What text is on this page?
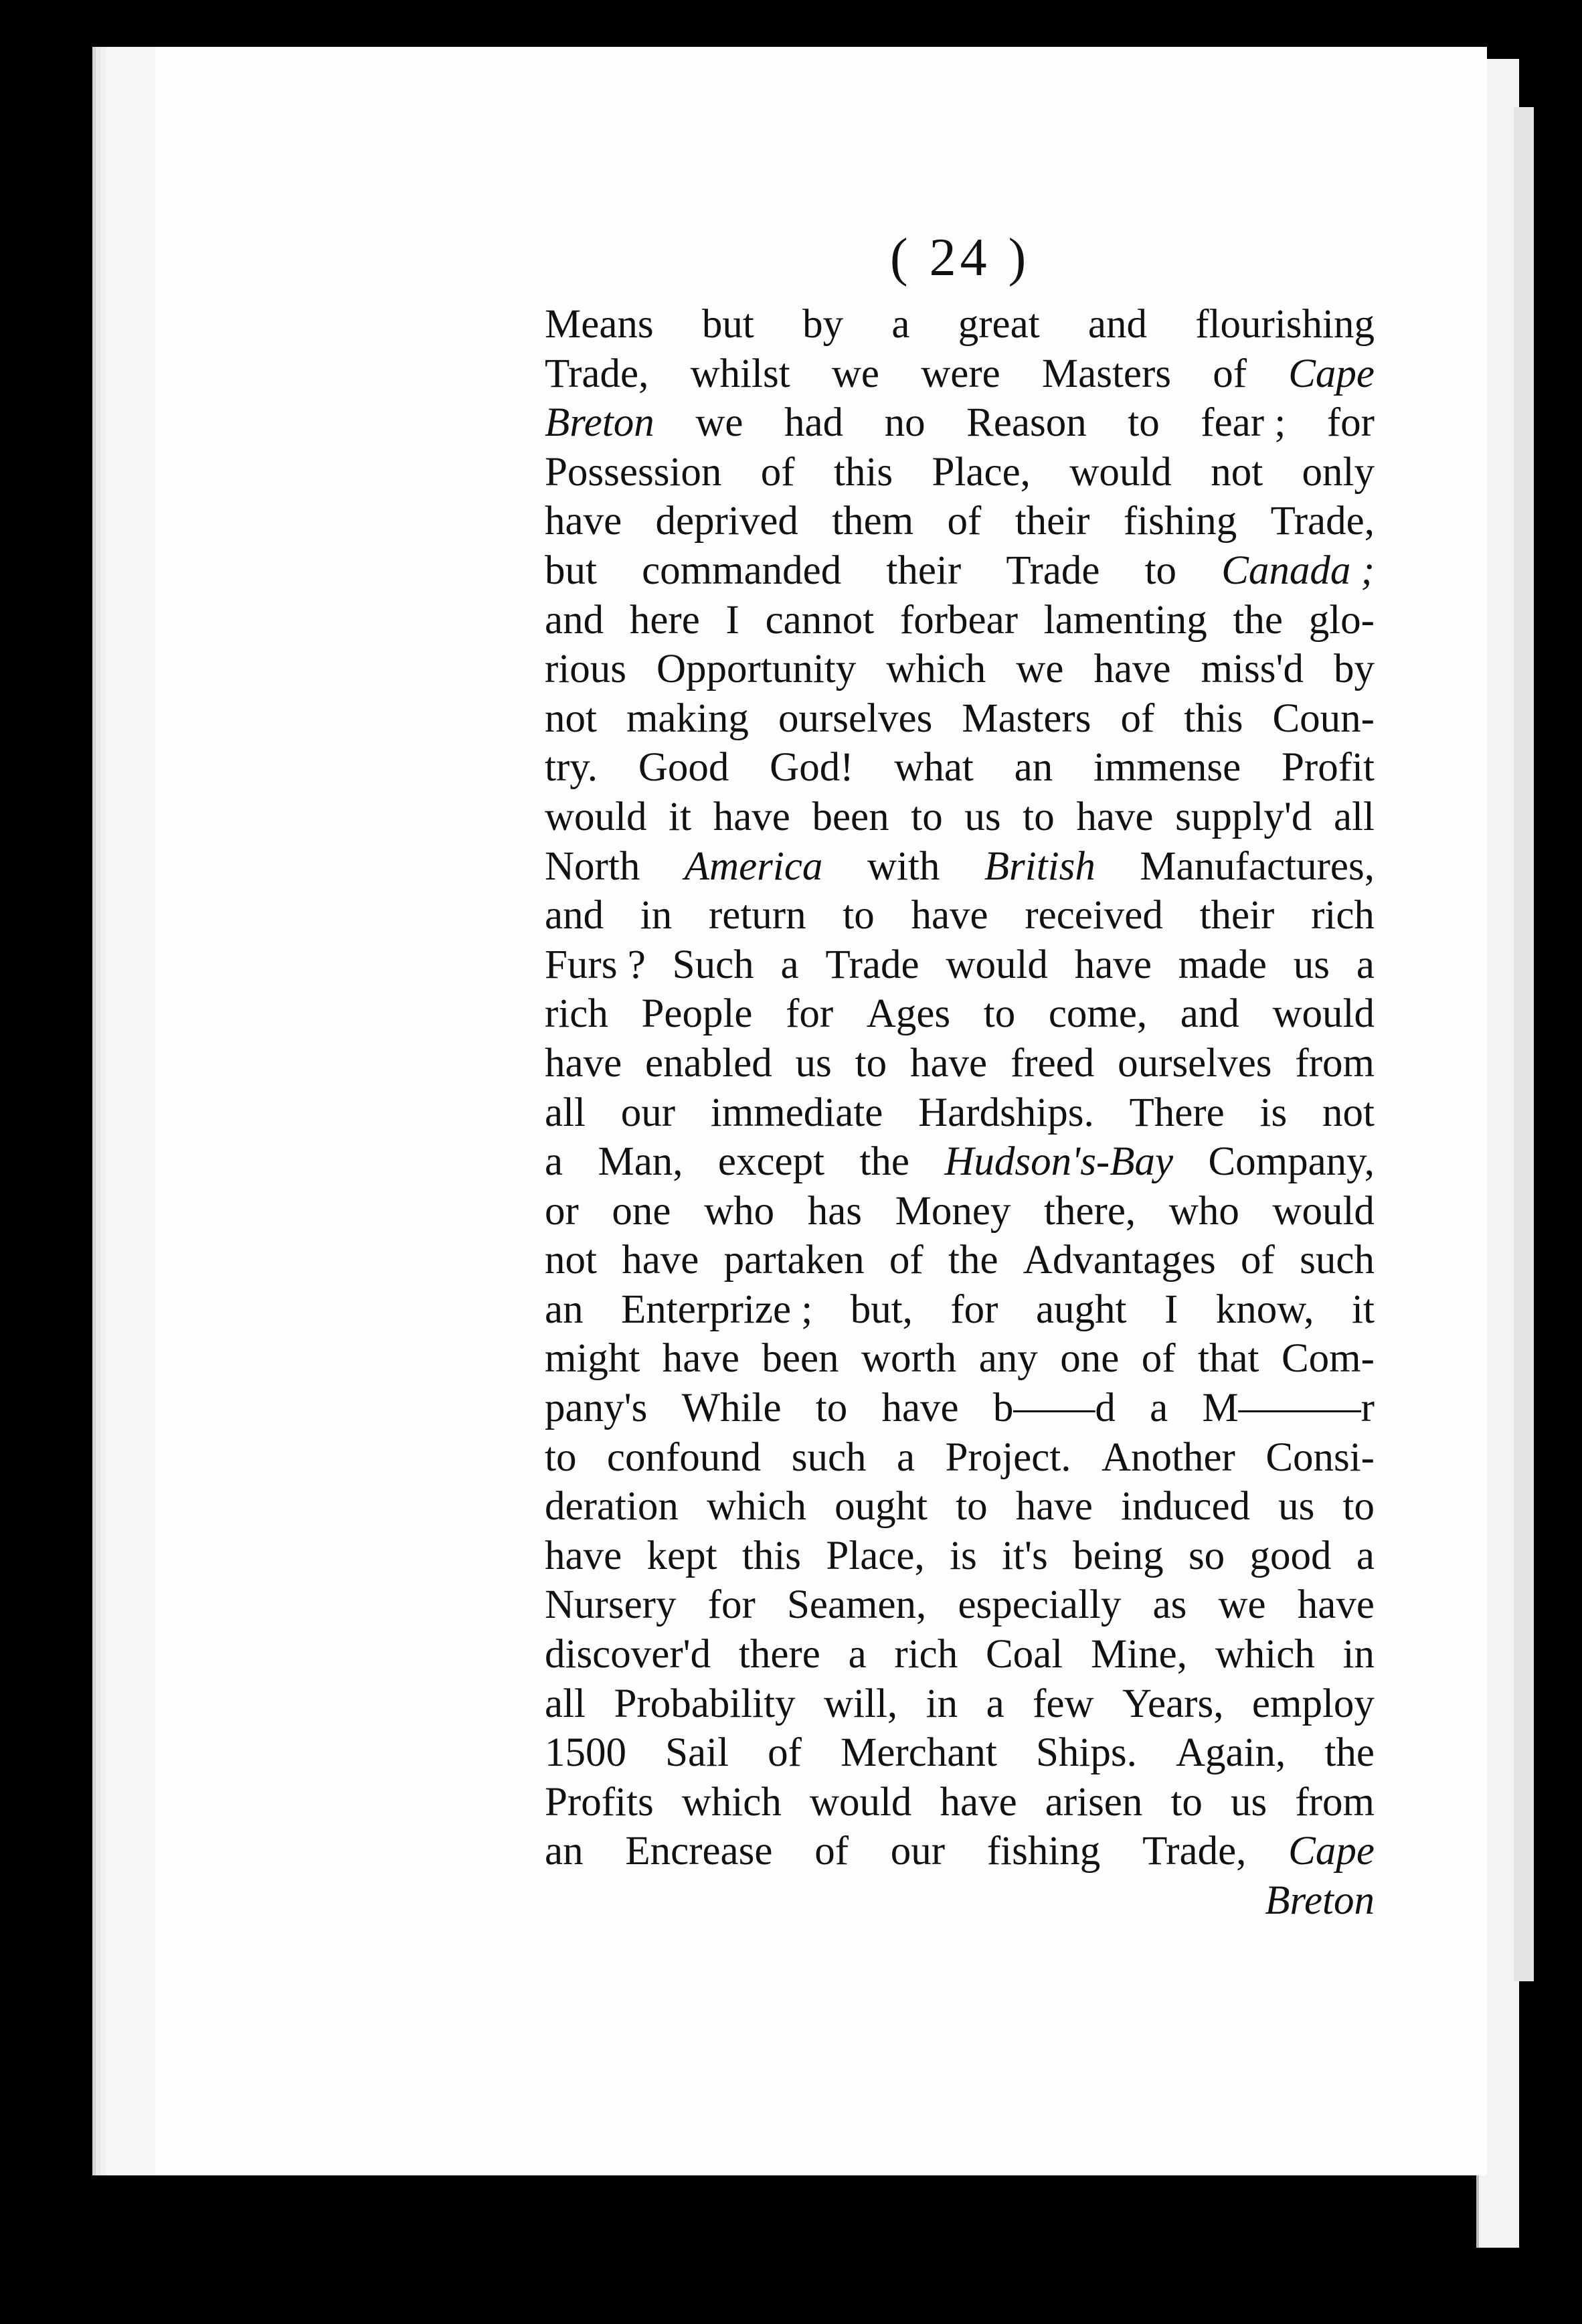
( 24 )
Means but by a great and flourishing
Trade, whilst we were Masters of Cape
Breton we had no Reason to fear ; for
Possession of this Place, would not only
have deprived them of their fishing Trade,
but commanded their Trade to Canada ;
and here I cannot forbear lamenting the glo-
rious Opportunity which we have miss'd by
not making ourselves Masters of this Coun-
try. Good God! what an immense Profit
would it have been to us to have supply'd all
North America with British Manufactures,
and in return to have received their rich
Furs ? Such a Trade would have made us a
rich People for Ages to come, and would
have enabled us to have freed ourselves from
all our immediate Hardships. There is not
a Man, except the Hudson's-Bay Company,
or one who has Money there, who would
not have partaken of the Advantages of such
an Enterprize ; but, for aught I know, it
might have been worth any one of that Com-
pany's While to have b——d a M———r
to confound such a Project. Another Consi-
deration which ought to have induced us to
have kept this Place, is it's being so good a
Nursery for Seamen, especially as we have
discover'd there a rich Coal Mine, which in
all Probability will, in a few Years, employ
1500 Sail of Merchant Ships. Again, the
Profits which would have arisen to us from
an Encrease of our fishing Trade, Cape
Breton
